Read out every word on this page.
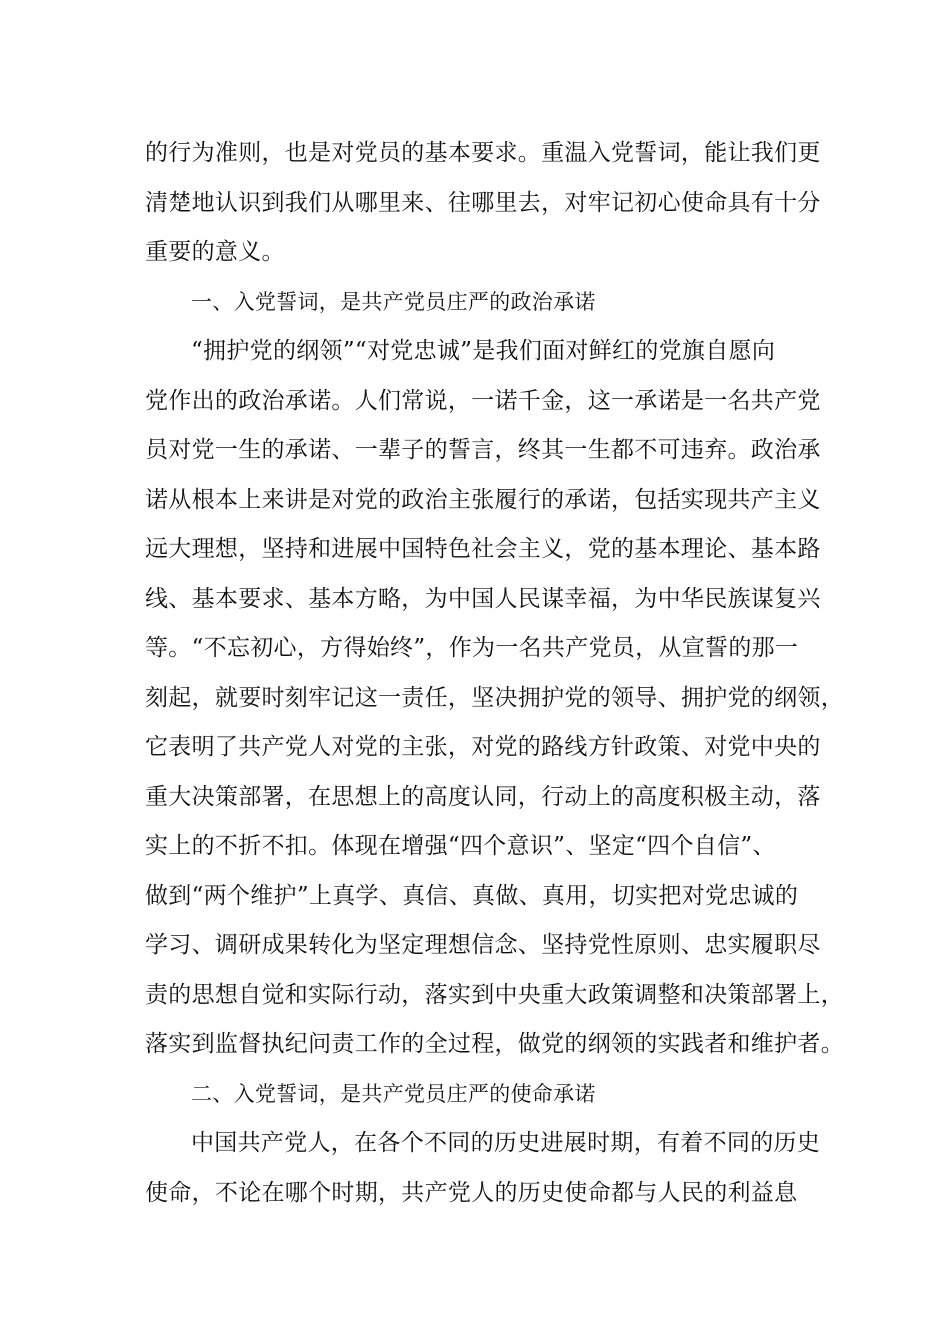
的行为准则，也是对党员的基本要求。重温入党誓词，能让我们更
清楚地认识到我们从哪里来、往哪里去，对牢记初心使命具有十分
重要的意义。
一、入党誓词，是共产党员庄严的政治承诺
“拥护党的纲领”“对党忠诚”是我们面对鲜红的党旗自愿向
党作出的政治承诺。人们常说，一诺千金，这一承诺是一名共产党
员对党一生的承诺、一辈子的誓言，终其一生都不可违弃。政治承
诺从根本上来讲是对党的政治主张履行的承诺，包括实现共产主义
远大理想，坚持和进展中国特色社会主义，党的基本理论、基本路
线、基本要求、基本方略，为中国人民谋幸福，为中华民族谋复兴
等。“不忘初心，方得始终”，作为一名共产党员，从宣誓的那一
刻起，就要时刻牢记这一责任，坚决拥护党的领导、拥护党的纲领，
它表明了共产党人对党的主张，对党的路线方针政策、对党中央的
重大决策部署，在思想上的高度认同，行动上的高度积极主动，落
实上的不折不扣。体现在增强“四个意识”、坚定“四个自信”、
做到“两个维护”上真学、真信、真做、真用，切实把对党忠诚的
学习、调研成果转化为坚定理想信念、坚持党性原则、忠实履职尽
责的思想自觉和实际行动，落实到中央重大政策调整和决策部署上，
落实到监督执纪问责工作的全过程，做党的纲领的实践者和维护者。
二、入党誓词，是共产党员庄严的使命承诺
中国共产党人，在各个不同的历史进展时期，有着不同的历史
使命，不论在哪个时期，共产党人的历史使命都与人民的利益息
